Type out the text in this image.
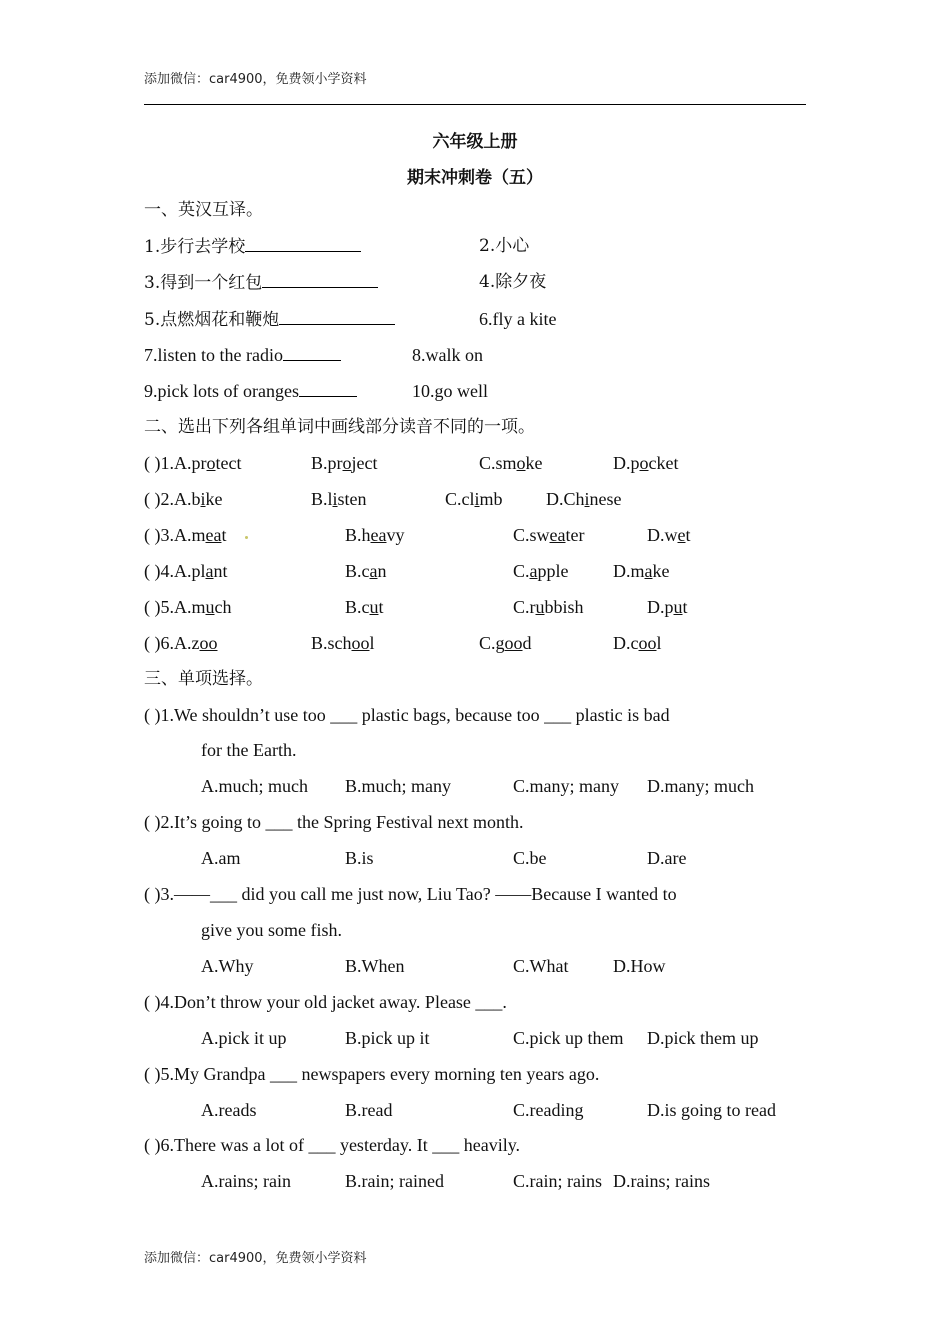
添加微信：car4900，免费领小学资料
六年级上册
期末冲刺卷（五）
一、英汉互译。
1.步行去学校	2.小心
3.得到一个红包	4.除夕夜
5.点燃烟花和鞭炮	6.fly a kite
7.listen to the radio	8.walk on
9.pick lots of oranges	10.go well
二、选出下列各组单词中画线部分读音不同的一项。
( )1.A.protect	B.project	C.smoke	D.pocket
( )2.A.bike	B.listen	C.climb D.Chinese
( )3.A.meat	B.heavy	C.sweater	D.wet
( )4.A.plant	B.can	C.apple D.make
( )5.A.much	B.cut	C.rubbish	D.put
( )6.A.zoo	B.school	C.good	D.cool
三、单项选择。
( )1.We shouldn’t use too ___ plastic bags, because too ___ plastic is bad
for the Earth.
A.much; much B.much; many	C.many; many D.many; much
( )2.It’s going to ___ the Spring Festival next month.
A.am	B.is	C.be	D.are
( )3.——___ did you call me just now, Liu Tao? ——Because I wanted to
give you some fish.
A.Why	B.When	C.What D.How
( )4.Don’t throw your old jacket away. Please ___.
A.pick it up	B.pick up it	C.pick up them D.pick them up
( )5.My Grandpa ___ newspapers every morning ten years ago.
A.reads	B.read	C.reading	D.is going to read
( )6.There was a lot of ___ yesterday. It ___ heavily.
A.rains; rain	B.rain; rained	C.rain; rains D.rains; rains
添加微信：car4900，免费领小学资料
